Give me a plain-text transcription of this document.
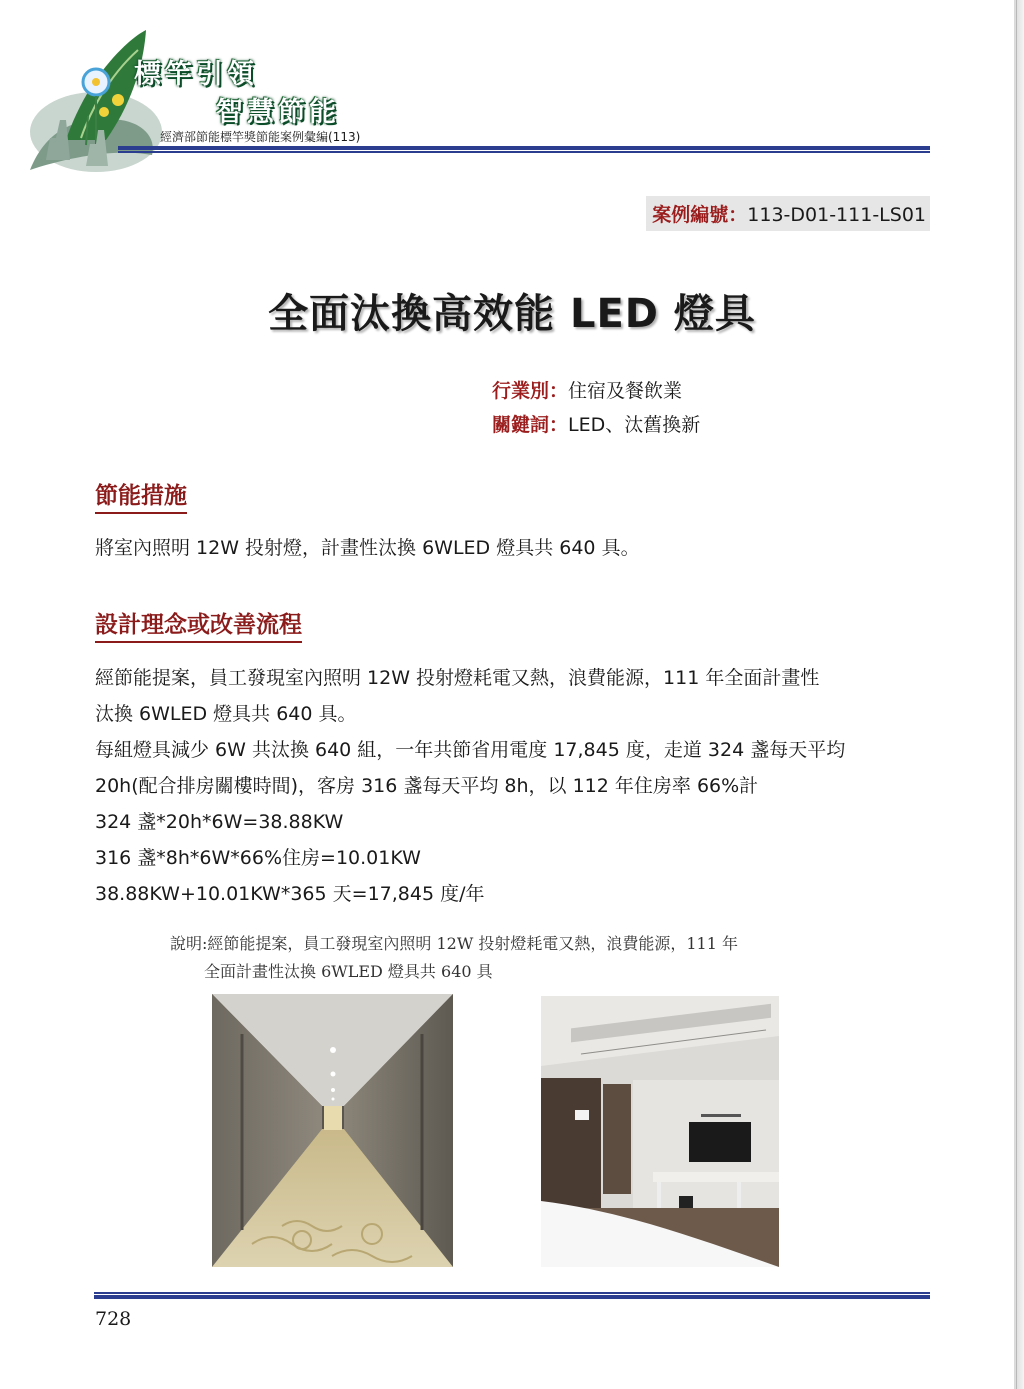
標竿引領
智慧節能
經濟部節能標竿獎節能案例彙編(113)
案例編號：113-D01-111-LS01
全面汰換高效能 LED 燈具
行業別：住宿及餐飲業
關鍵詞：LED、汰舊換新
節能措施
將室內照明 12W 投射燈，計畫性汰換 6WLED 燈具共 640 具。
設計理念或改善流程
經節能提案，員工發現室內照明 12W 投射燈耗電又熱，浪費能源，111 年全面計畫性
汰換 6WLED 燈具共 640 具。
每組燈具減少 6W 共汰換 640 組，一年共節省用電度 17,845 度，走道 324 盞每天平均
20h(配合排房關樓時間)，客房 316 盞每天平均 8h，以 112 年住房率 66%計
324 盞*20h*6W=38.88KW
316 盞*8h*6W*66%住房=10.01KW
38.88KW+10.01KW*365 天=17,845 度/年
說明:經節能提案，員工發現室內照明 12W 投射燈耗電又熱，浪費能源，111 年
全面計畫性汰換 6WLED 燈具共 640 具
728
